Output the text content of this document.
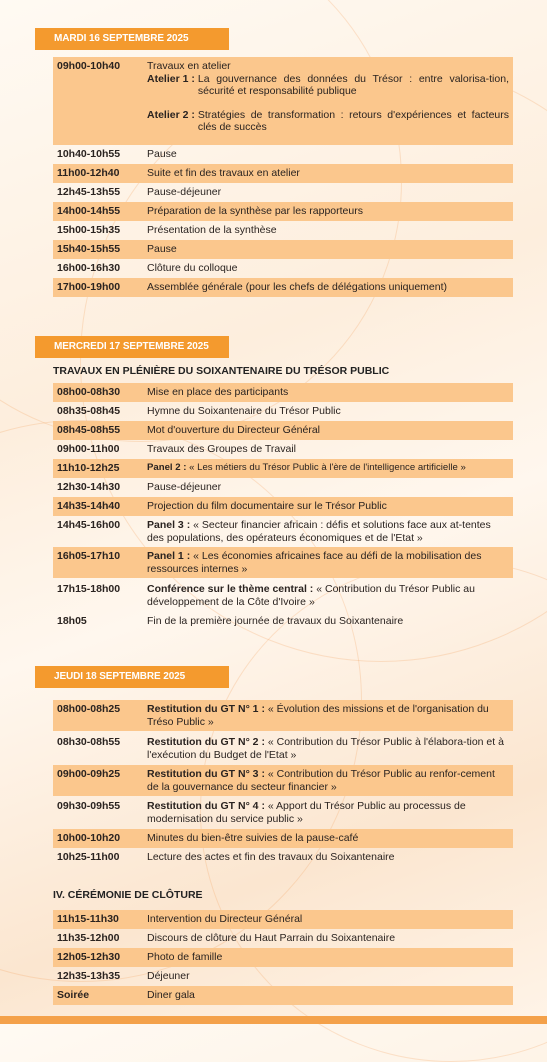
MARDI 16 SEPTEMBRE 2025
09h00-10h40	Travaux en atelier
Atelier 1 : La gouvernance des données du Trésor : entre valorisa-tion, sécurité et responsabilité publique
Atelier 2 : Stratégies de transformation : retours d'expériences et facteurs clés de succès
10h40-10h55	Pause
11h00-12h40	Suite et fin des travaux en atelier
12h45-13h55	Pause-déjeuner
14h00-14h55	Préparation de la synthèse par les rapporteurs
15h00-15h35	Présentation de la synthèse
15h40-15h55	Pause
16h00-16h30	Clôture du colloque
17h00-19h00	Assemblée générale (pour les chefs de délégations uniquement)
MERCREDI 17 SEPTEMBRE 2025
TRAVAUX EN PLÉNIÈRE DU SOIXANTENAIRE DU TRÉSOR PUBLIC
08h00-08h30	Mise en place des participants
08h35-08h45	Hymne du Soixantenaire du Trésor Public
08h45-08h55	Mot d'ouverture du Directeur Général
09h00-11h00	Travaux des Groupes de Travail
11h10-12h25	Panel 2 : « Les métiers du Trésor Public à l'ère de l'intelligence artificielle »
12h30-14h30	Pause-déjeuner
14h35-14h40	Projection du film documentaire sur le Trésor Public
14h45-16h00	Panel 3 : « Secteur financier africain : défis et solutions face aux at-tentes des populations, des opérateurs économiques et de l'Etat »
16h05-17h10	Panel 1 : « Les économies africaines face au défi de la mobilisation des ressources internes »
17h15-18h00	Conférence sur le thème central : « Contribution du Trésor Public au développement de la Côte d'Ivoire »
18h05	Fin de la première journée de travaux du Soixantenaire
JEUDI 18 SEPTEMBRE 2025
08h00-08h25	Restitution du GT N° 1 : « Évolution des missions et de l'organisation du Tréso Public »
08h30-08h55	Restitution du GT N° 2 : « Contribution du Trésor Public à l'élabora-tion et à l'exécution du Budget de l'Etat »
09h00-09h25	Restitution du GT N° 3 : « Contribution du Trésor Public au renfor-cement de la gouvernance du secteur financier »
09h30-09h55	Restitution du GT N° 4 : « Apport du Trésor Public au processus de modernisation du service public »
10h00-10h20	Minutes du bien-être suivies de la pause-café
10h25-11h00	Lecture des actes et fin des travaux du Soixantenaire
IV. CÉRÉMONIE DE CLÔTURE
11h15-11h30	Intervention du Directeur Général
11h35-12h00	Discours de clôture du Haut Parrain du Soixantenaire
12h05-12h30	Photo de famille
12h35-13h35	Déjeuner
Soirée	Diner gala
